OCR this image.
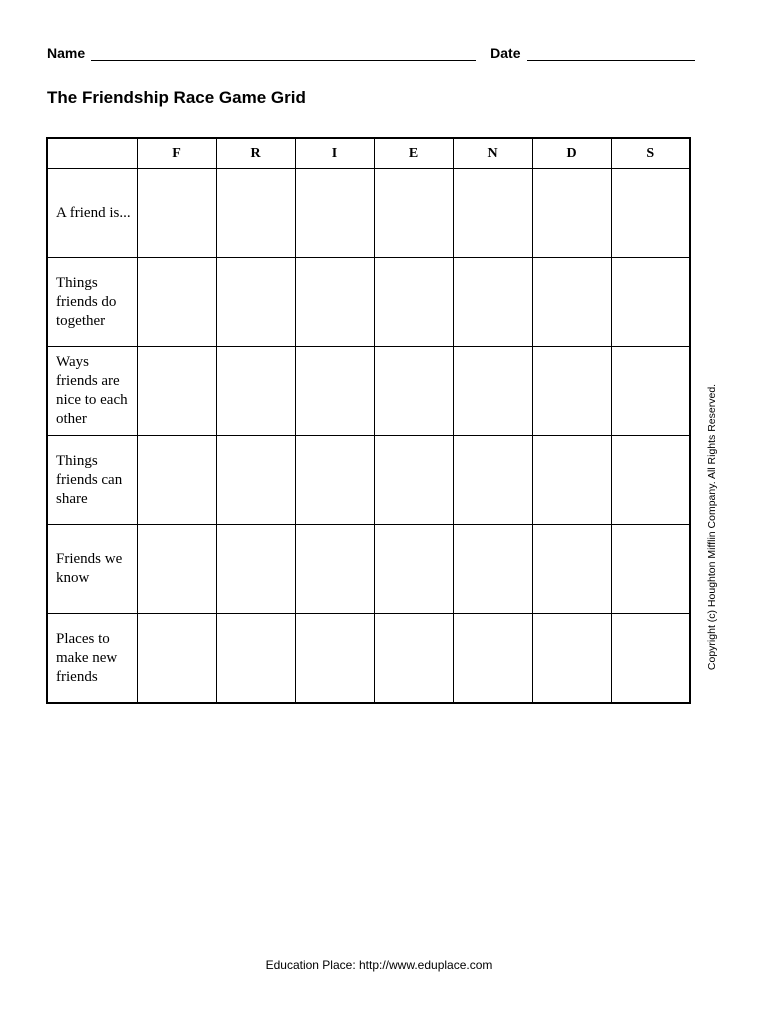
Name	Date
The Friendship Race Game Grid
	F	R	I	E	N	D	S
A friend is...							
Things friends do together							
Ways friends are nice to each other							
Things friends can share							
Friends we know							
Places to make new friends							
Copyright (c) Houghton Mifflin Company. All Rights Reserved.
Education Place: http://www.eduplace.com
